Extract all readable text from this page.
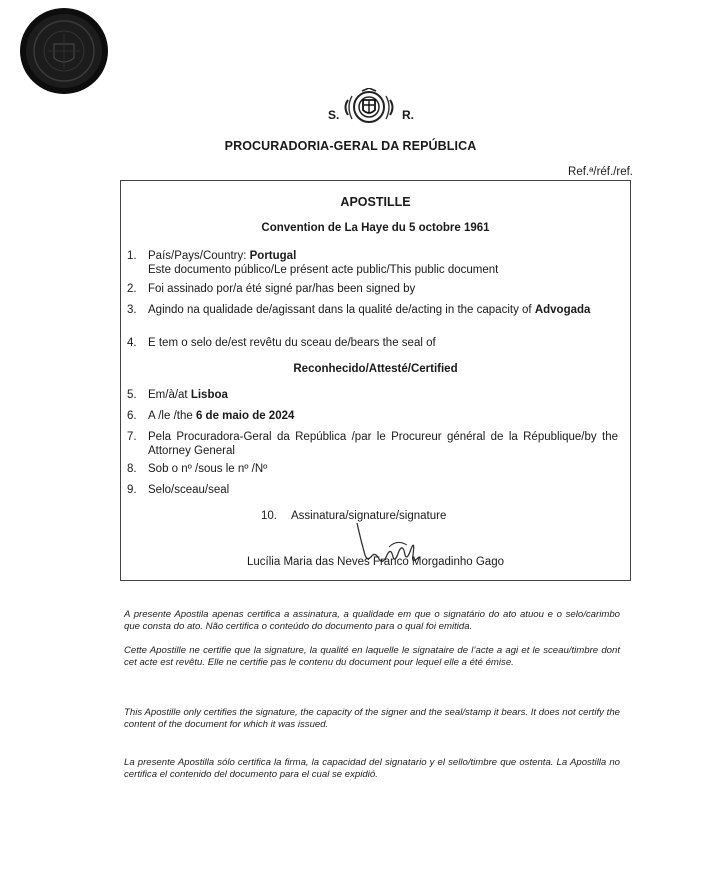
S.	R.
PROCURADORIA-GERAL DA REPÚBLICA
Ref.ª/réf./ref.
APOSTILLE
Convention de La Haye du 5 octobre 1961
1. País/Pays/Country: Portugal
Este documento público/Le présent acte public/This public document
2. Foi assinado por/a été signé par/has been signed by
3. Agindo na qualidade de/agissant dans la qualité de/acting in the capacity of Advogada
4. E tem o selo de/est revêtu du sceau de/bears the seal of
Reconhecido/Attesté/Certified
5. Em/à/at Lisboa
6. A /le /the 6 de maio de 2024
7. Pela Procuradora-Geral da República /par le Procureur général de la République/by the Attorney General
8. Sob o nº /sous le nº /Nº
9. Selo/sceau/seal
10. Assinatura/signature/signature
Lucília Maria das Neves Franco Morgadinho Gago
A presente Apostila apenas certifica a assinatura, a qualidade em que o signatário do ato atuou e o selo/carimbo que consta do ato. Não certifica o conteúdo do documento para o qual foi emitida.
Cette Apostille ne certifie que la signature, la qualité en laquelle le signataire de l’acte a agi et le sceau/timbre dont cet acte est revêtu. Elle ne certifie pas le contenu du document pour lequel elle a été émise.
This Apostille only certifies the signature, the capacity of the signer and the seal/stamp it bears. It does not certify the content of the document for which it was issued.
La presente Apostilla sólo certifica la firma, la capacidad del signatario y el sello/timbre que ostenta. La Apostilla no certifica el contenido del documento para el cual se expidió.
